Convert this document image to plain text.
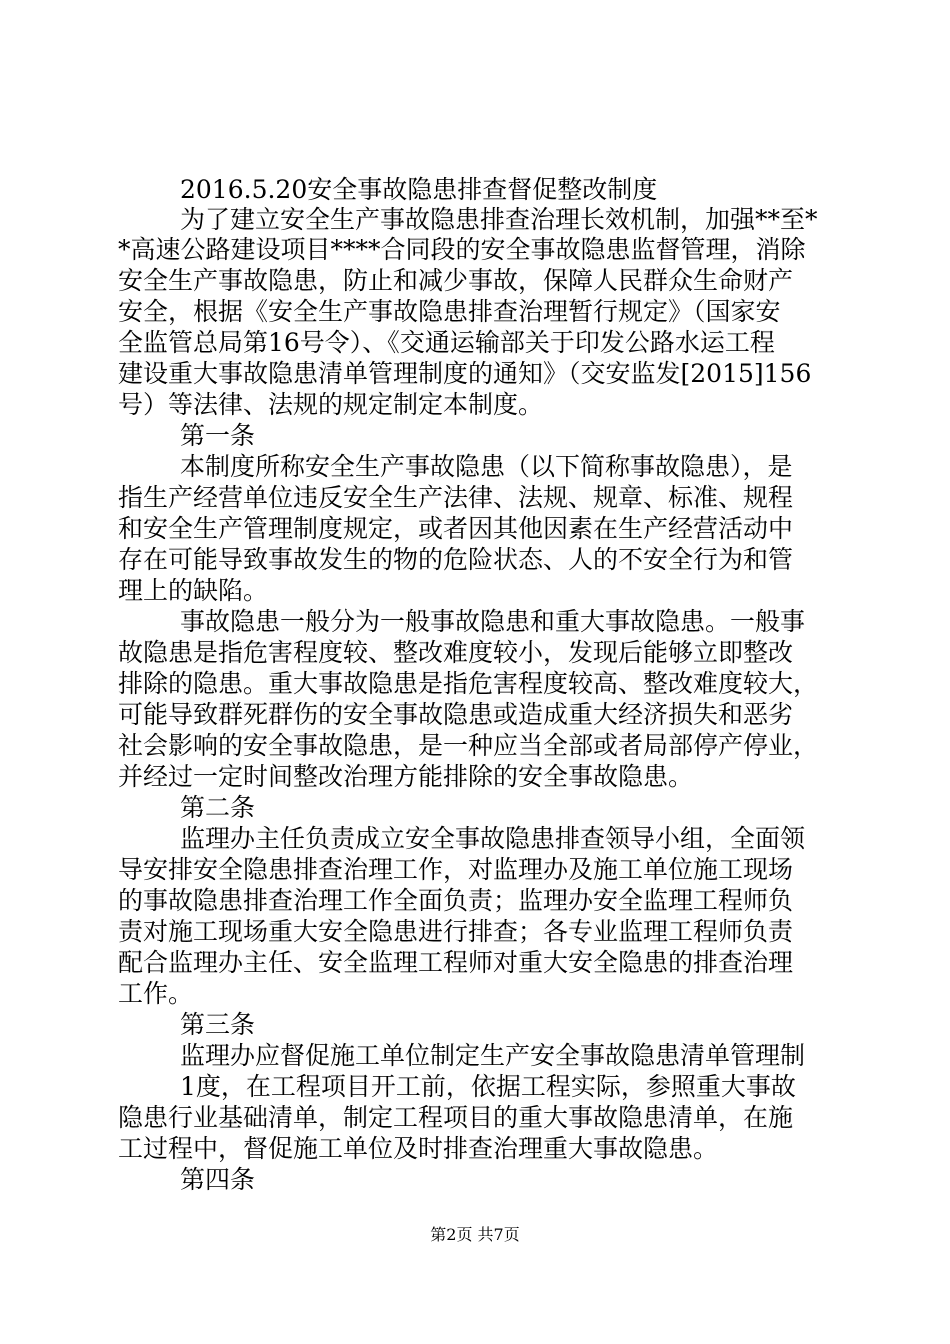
2016.5.20安全事故隐患排查督促整改制度
为了建立安全生产事故隐患排查治理长效机制，加强**至*
*高速公路建设项目****合同段的安全事故隐患监督管理，消除
安全生产事故隐患，防止和减少事故，保障人民群众生命财产
安全，根据《安全生产事故隐患排查治理暂行规定》（国家安
全监管总局第16号令）、《交通运输部关于印发公路水运工程
建设重大事故隐患清单管理制度的通知》（交安监发[2015]156
号）等法律、法规的规定制定本制度。
第一条
本制度所称安全生产事故隐患（以下简称事故隐患），是
指生产经营单位违反安全生产法律、法规、规章、标准、规程
和安全生产管理制度规定，或者因其他因素在生产经营活动中
存在可能导致事故发生的物的危险状态、人的不安全行为和管
理上的缺陷。
事故隐患一般分为一般事故隐患和重大事故隐患。一般事
故隐患是指危害程度较、整改难度较小，发现后能够立即整改
排除的隐患。重大事故隐患是指危害程度较高、整改难度较大，
可能导致群死群伤的安全事故隐患或造成重大经济损失和恶劣
社会影响的安全事故隐患，是一种应当全部或者局部停产停业，
并经过一定时间整改治理方能排除的安全事故隐患。
第二条
监理办主任负责成立安全事故隐患排查领导小组，全面领
导安排安全隐患排查治理工作，对监理办及施工单位施工现场
的事故隐患排查治理工作全面负责；监理办安全监理工程师负
责对施工现场重大安全隐患进行排查；各专业监理工程师负责
配合监理办主任、安全监理工程师对重大安全隐患的排查治理
工作。
第三条
监理办应督促施工单位制定生产安全事故隐患清单管理制
1度，在工程项目开工前，依据工程实际，参照重大事故
隐患行业基础清单，制定工程项目的重大事故隐患清单，在施
工过程中，督促施工单位及时排查治理重大事故隐患。
第四条
第2页 共7页
